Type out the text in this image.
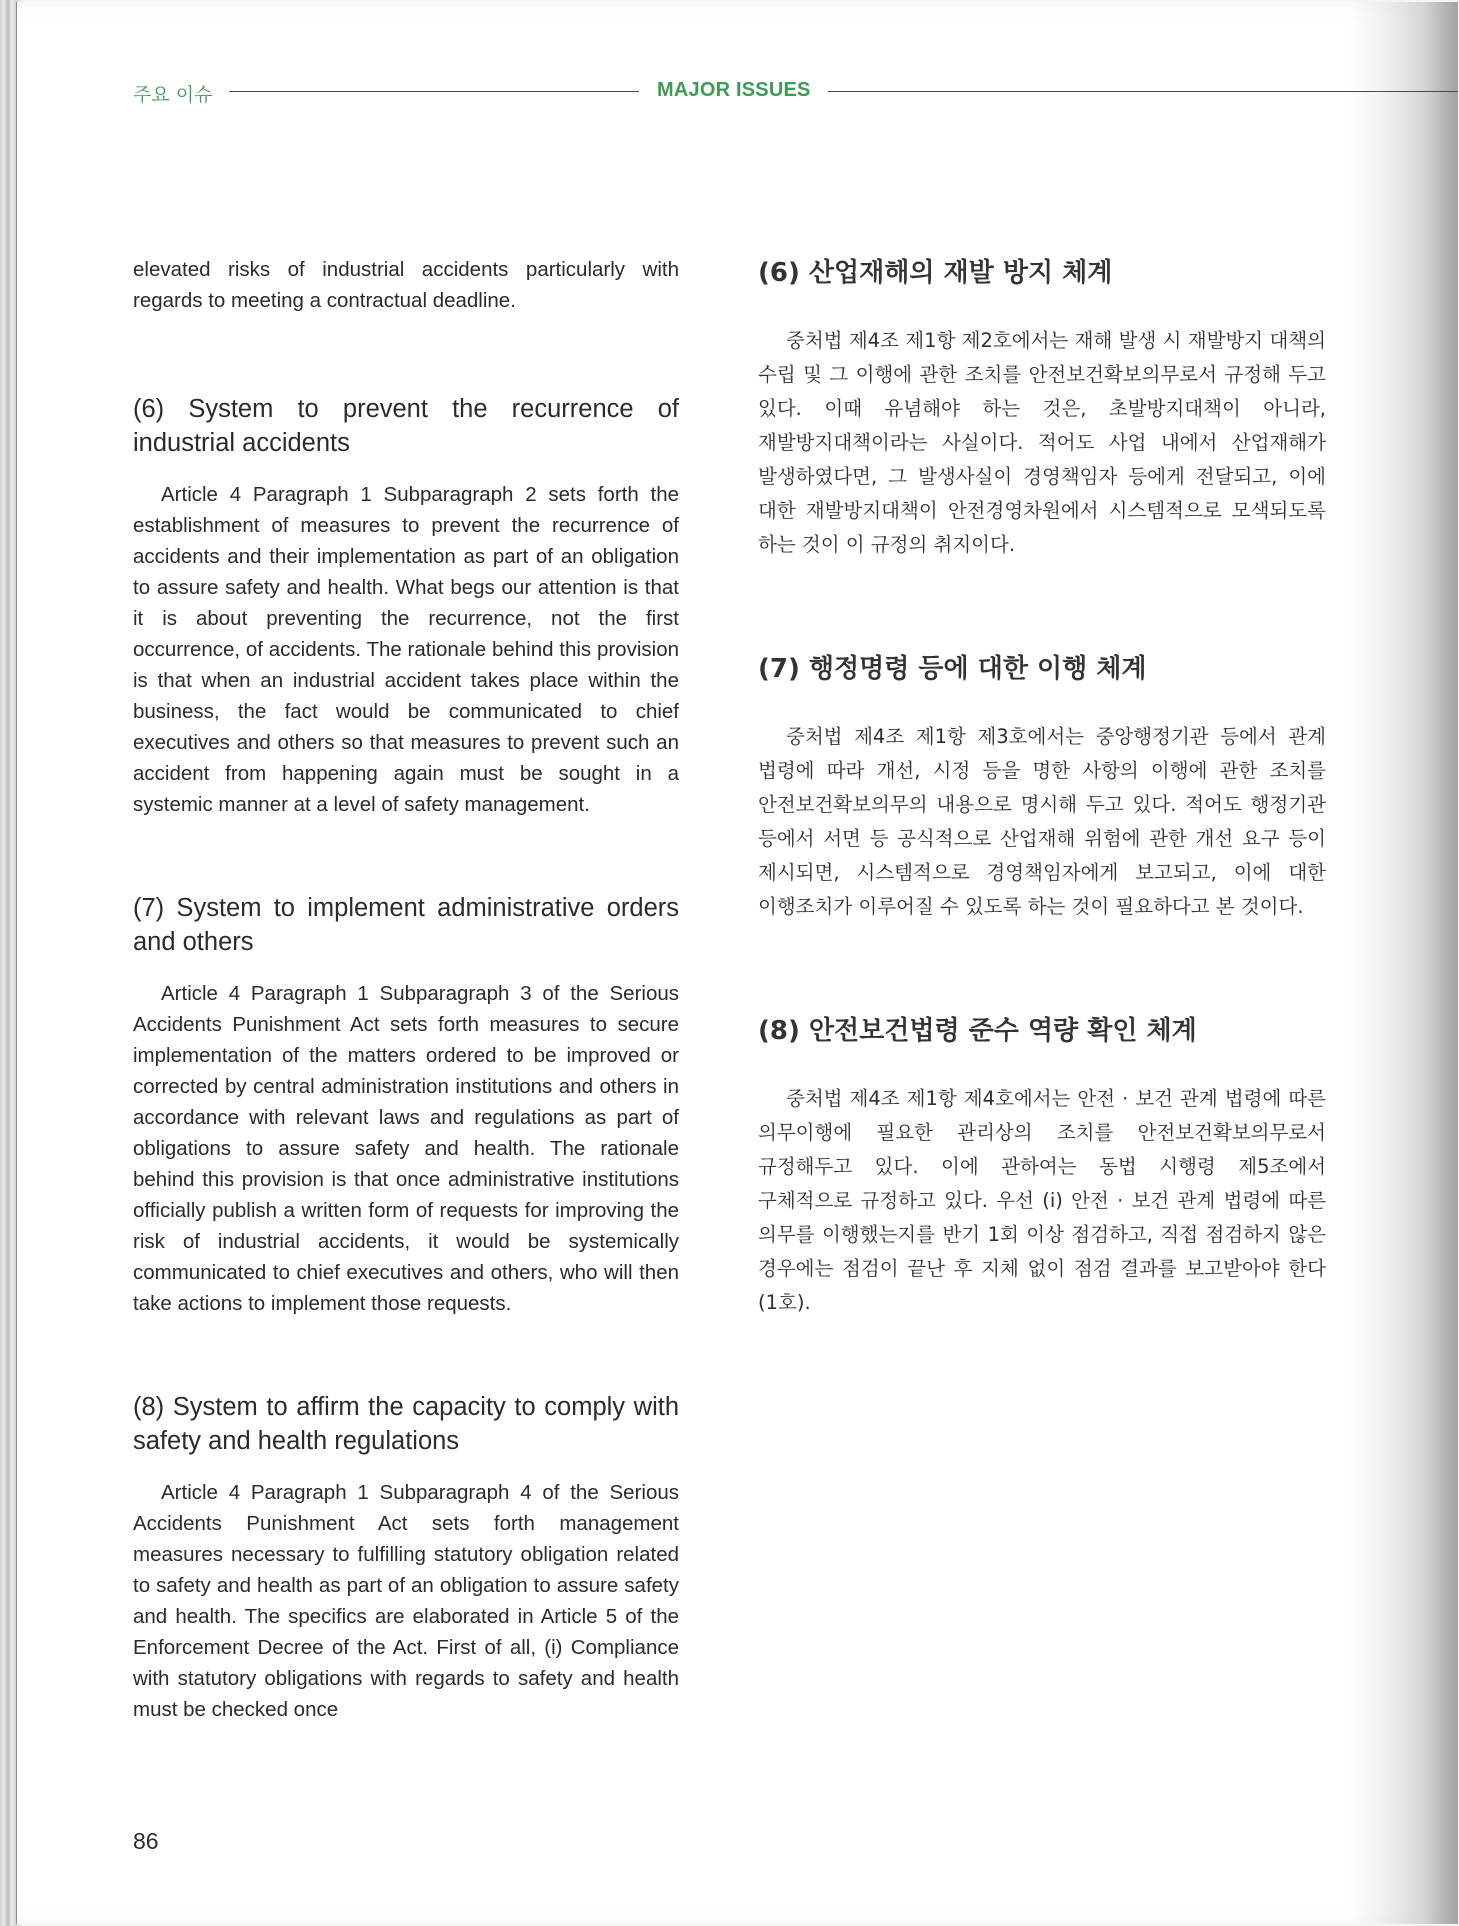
주요 이슈	MAJOR ISSUES

elevated risks of industrial accidents particularly with regards to meeting a contractual deadline.

(6) System to prevent the recurrence of industrial accidents

Article 4 Paragraph 1 Subparagraph 2 sets forth the establishment of measures to prevent the recurrence of accidents and their implementation as part of an obligation to assure safety and health. What begs our attention is that it is about preventing the recurrence, not the first occurrence, of accidents. The rationale behind this provision is that when an industrial accident takes place within the business, the fact would be communicated to chief executives and others so that measures to prevent such an accident from happening again must be sought in a systemic manner at a level of safety management.

(7) System to implement administrative orders and others

Article 4 Paragraph 1 Subparagraph 3 of the Serious Accidents Punishment Act sets forth measures to secure implementation of the matters ordered to be improved or corrected by central administration institutions and others in accordance with relevant laws and regulations as part of obligations to assure safety and health. The rationale behind this provision is that once administrative institutions officially publish a written form of requests for improving the risk of industrial accidents, it would be systemically communicated to chief executives and others, who will then take actions to implement those requests.

(8) System to affirm the capacity to comply with safety and health regulations

Article 4 Paragraph 1 Subparagraph 4 of the Serious Accidents Punishment Act sets forth management measures necessary to fulfilling statutory obligation related to safety and health as part of an obligation to assure safety and health. The specifics are elaborated in Article 5 of the Enforcement Decree of the Act. First of all, (i) Compliance with statutory obligations with regards to safety and health must be checked once

(6) 산업재해의 재발 방지 체계

중처법 제4조 제1항 제2호에서는 재해 발생 시 재발방지 대책의 수립 및 그 이행에 관한 조치를 안전보건확보의무로서 규정해 두고 있다. 이때 유념해야 하는 것은, 초발방지대책이 아니라, 재발방지대책이라는 사실이다. 적어도 사업 내에서 산업재해가 발생하였다면, 그 발생사실이 경영책임자 등에게 전달되고, 이에 대한 재발방지대책이 안전경영차원에서 시스템적으로 모색되도록 하는 것이 이 규정의 취지이다.

(7) 행정명령 등에 대한 이행 체계

중처법 제4조 제1항 제3호에서는 중앙행정기관 등에서 관계 법령에 따라 개선, 시정 등을 명한 사항의 이행에 관한 조치를 안전보건확보의무의 내용으로 명시해 두고 있다. 적어도 행정기관 등에서 서면 등 공식적으로 산업재해 위험에 관한 개선 요구 등이 제시되면, 시스템적으로 경영책임자에게 보고되고, 이에 대한 이행조치가 이루어질 수 있도록 하는 것이 필요하다고 본 것이다.

(8) 안전보건법령 준수 역량 확인 체계

중처법 제4조 제1항 제4호에서는 안전 · 보건 관계 법령에 따른 의무이행에 필요한 관리상의 조치를 안전보건확보의무로서 규정해두고 있다. 이에 관하여는 동법 시행령 제5조에서 구체적으로 규정하고 있다. 우선 (i) 안전 · 보건 관계 법령에 따른 의무를 이행했는지를 반기 1회 이상 점검하고, 직접 점검하지 않은 경우에는 점검이 끝난 후 지체 없이 점검 결과를 보고받아야 한다(1호).

86
